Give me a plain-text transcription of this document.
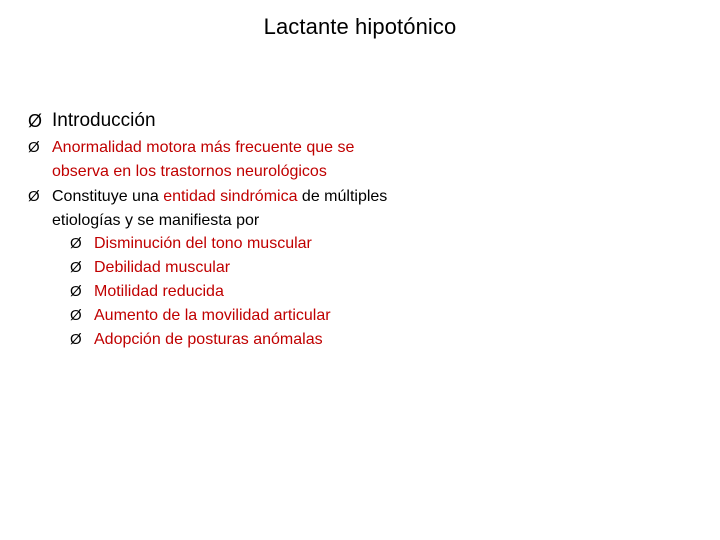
Lactante hipotónico
Ø Introducción
Ø Anormalidad motora más frecuente que se observa en los trastornos neurológicos
Ø Constituye una entidad sindrómica de múltiples etiologías y se manifiesta por
Ø Disminución del tono muscular
Ø Debilidad muscular
Ø Motilidad reducida
Ø Aumento de la movilidad articular
Ø Adopción de posturas anómalas
